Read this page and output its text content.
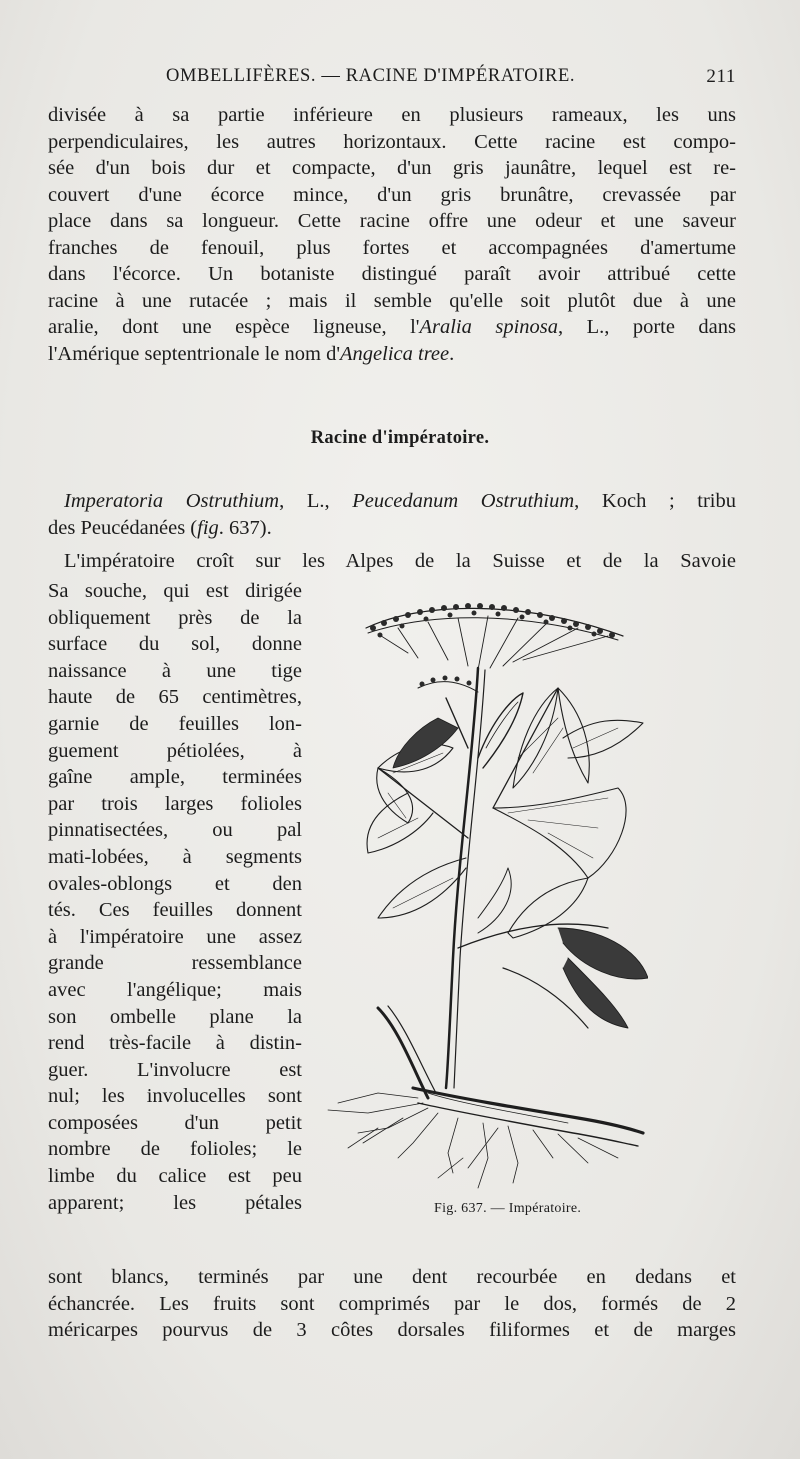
OMBELLIFÈRES. — RACINE D'IMPÉRATOIRE.	211
divisée à sa partie inférieure en plusieurs rameaux, les uns
perpendiculaires, les autres horizontaux. Cette racine est compo-
sée d'un bois dur et compacte, d'un gris jaunâtre, lequel est re-
couvert d'une écorce mince, d'un gris brunâtre, crevassée par
place dans sa longueur. Cette racine offre une odeur et une saveur
franches de fenouil, plus fortes et accompagnées d'amertume
dans l'écorce. Un botaniste distingué paraît avoir attribué cette
racine à une rutacée ; mais il semble qu'elle soit plutôt due à une
aralie, dont une espèce ligneuse, l'Aralia spinosa, L., porte dans
l'Amérique septentrionale le nom d'Angelica tree.
Racine d'impératoire.
Imperatoria Ostruthium, L., Peucedanum Ostruthium, Koch ; tribu
des Peucédanées (fig. 637).
L'impératoire croît sur les Alpes de la Suisse et de la Savoie
Sa souche, qui est dirigée
obliquement près de la
surface du sol, donne
naissance à une tige
haute de 65 centimètres,
garnie de feuilles lon-
guement pétiolées, à
gaîne ample, terminées
par trois larges folioles
pinnatisectées, ou pal
mati-lobées, à segments
ovales-oblongs et den
tés. Ces feuilles donnent
à l'impératoire une assez
grande ressemblance
avec l'angélique; mais
son ombelle plane la
rend très-facile à distin-
guer. L'involucre est
nul; les involucelles sont
composées d'un petit
nombre de folioles; le
limbe du calice est peu
apparent; les pétales	Fig. 637. — Impératoire.
sont blancs, terminés par une dent recourbée en dedans et
échancrée. Les fruits sont comprimés par le dos, formés de 2
méricarpes pourvus de 3 côtes dorsales filiformes et de marges
